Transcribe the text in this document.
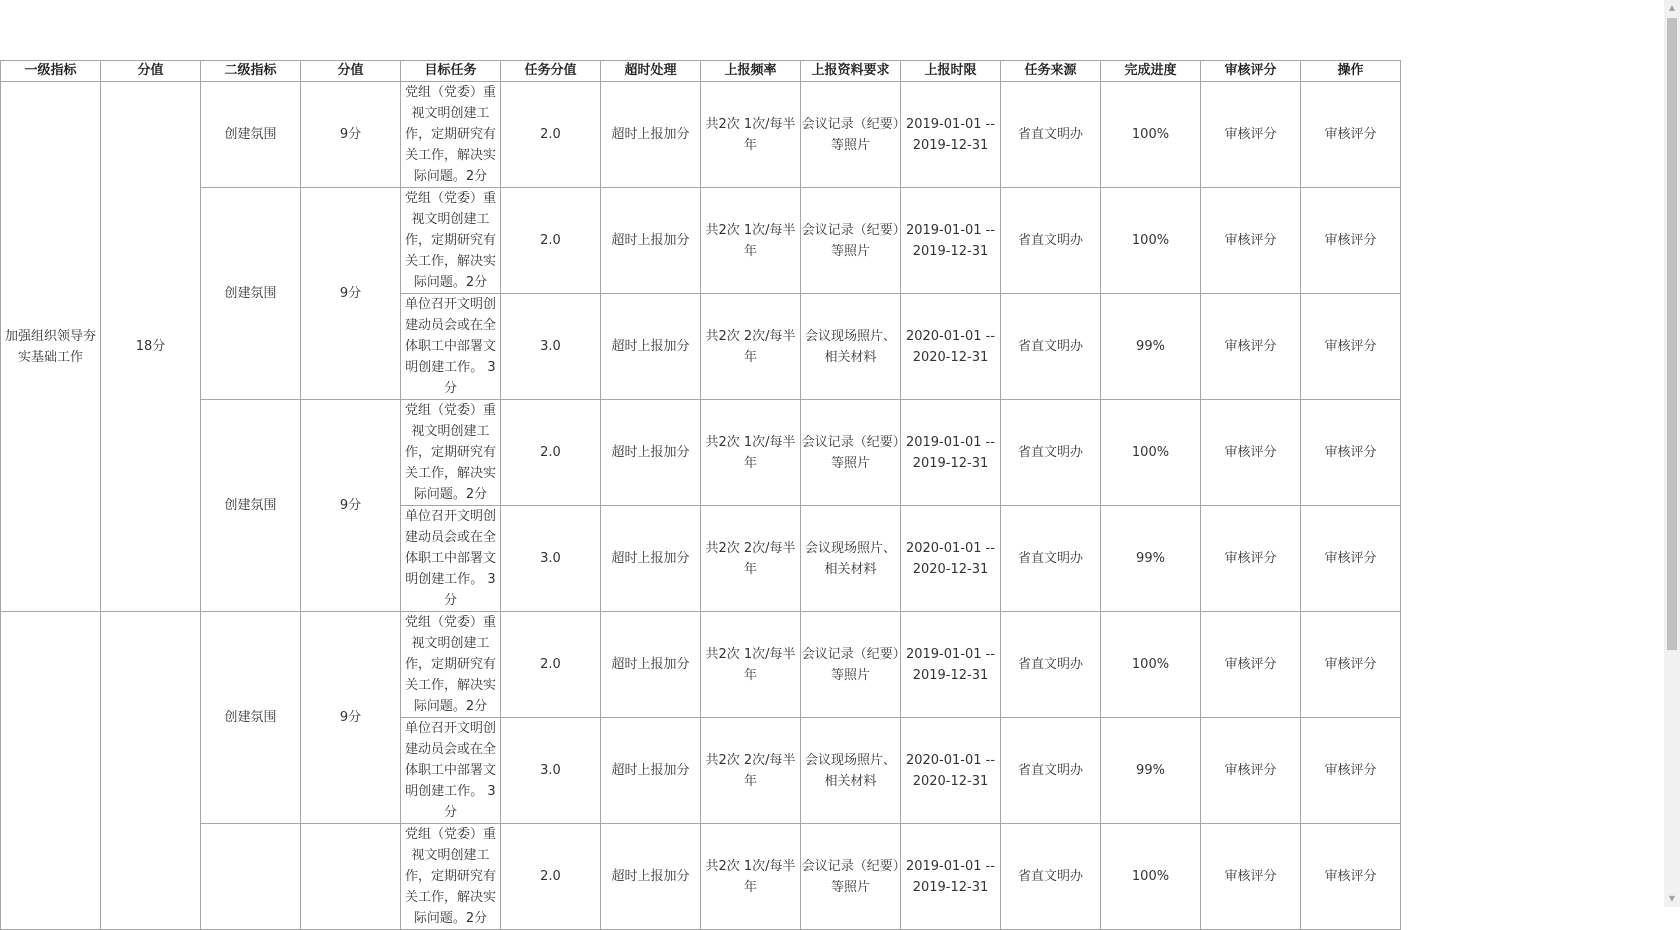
一级指标	分值	二级指标	分值	目标任务	任务分值	超时处理	上报频率	上报资料要求	上报时限	任务来源	完成进度	审核评分	操作
加强组织领导夯实基础工作	18分	创建氛围	9分	党组（党委）重视文明创建工作，定期研究有关工作，解决实际问题。2分	2.0	超时上报加分	共2次 1次/每半年	会议记录（纪要）等照片	2019-01-01 -- 2019-12-31	省直文明办	100%	审核评分	审核评分
		创建氛围	9分	党组（党委）重视文明创建工作，定期研究有关工作，解决实际问题。2分	2.0	超时上报加分	共2次 1次/每半年	会议记录（纪要）等照片	2019-01-01 -- 2019-12-31	省直文明办	100%	审核评分	审核评分
				单位召开文明创建动员会或在全体职工中部署文明创建工作。 3分	3.0	超时上报加分	共2次 2次/每半年	会议现场照片、相关材料	2020-01-01 -- 2020-12-31	省直文明办	99%	审核评分	审核评分
		创建氛围	9分	党组（党委）重视文明创建工作，定期研究有关工作，解决实际问题。2分	2.0	超时上报加分	共2次 1次/每半年	会议记录（纪要）等照片	2019-01-01 -- 2019-12-31	省直文明办	100%	审核评分	审核评分
				单位召开文明创建动员会或在全体职工中部署文明创建工作。 3分	3.0	超时上报加分	共2次 2次/每半年	会议现场照片、相关材料	2020-01-01 -- 2020-12-31	省直文明办	99%	审核评分	审核评分
		创建氛围	9分	党组（党委）重视文明创建工作，定期研究有关工作，解决实际问题。2分	2.0	超时上报加分	共2次 1次/每半年	会议记录（纪要）等照片	2019-01-01 -- 2019-12-31	省直文明办	100%	审核评分	审核评分
				单位召开文明创建动员会或在全体职工中部署文明创建工作。 3分	3.0	超时上报加分	共2次 2次/每半年	会议现场照片、相关材料	2020-01-01 -- 2020-12-31	省直文明办	99%	审核评分	审核评分
				党组（党委）重视文明创建工作，定期研究有关工作，解决实际问题。2分	2.0	超时上报加分	共2次 1次/每半年	会议记录（纪要）等照片	2019-01-01 -- 2019-12-31	省直文明办	100%	审核评分	审核评分
▲
▼
